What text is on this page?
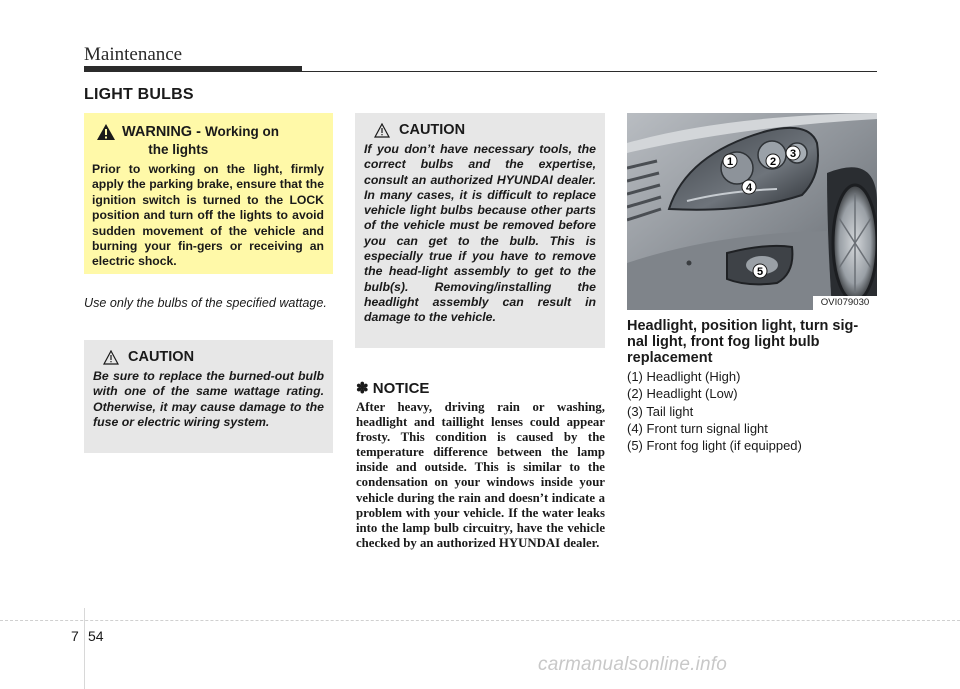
Maintenance
LIGHT BULBS
WARNING - Working on
the lights
Prior to working on the light, firmly apply the parking brake, ensure that the ignition switch is turned to the LOCK position and turn off the lights to avoid sudden movement of the vehicle and burning your fin-gers or receiving an electric shock.
Use only the bulbs of the specified wattage.
CAUTION
Be sure to replace the burned-out bulb with one of the same wattage rating. Otherwise, it may cause damage to the fuse or electric wiring system.
CAUTION
If you don’t have necessary tools, the correct bulbs and the expertise, consult an authorized HYUNDAI dealer. In many cases, it is difficult to replace vehicle light bulbs because other parts of the vehicle must be removed before you can get to the bulb. This is especially true if you have to remove the head-light assembly to get to the bulb(s). Removing/installing the headlight assembly can result in damage to the vehicle.
✽ NOTICE
After heavy, driving rain or washing, headlight and taillight lenses could appear frosty. This condition is caused by the temperature difference between the lamp inside and outside. This is similar to the condensation on your windows inside your vehicle during the rain and doesn’t indicate a problem with your vehicle. If the water leaks into the lamp bulb circuitry, have the vehicle checked by an authorized HYUNDAI dealer.
1	2
3
4
5
OVI079030
Headlight, position light, turn sig-nal light, front fog light bulb replacement
(1) Headlight (High)
(2) Headlight (Low)
(3) Tail light
(4) Front turn signal light
(5) Front fog light (if equipped)
7 54
carmanualsonline.info
